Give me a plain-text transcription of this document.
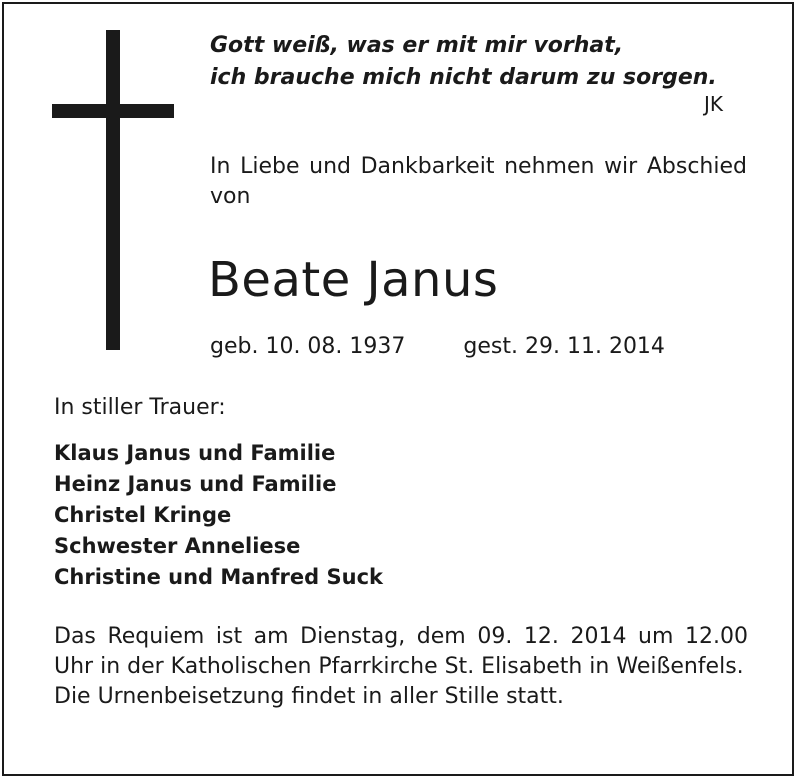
Gott weiß, was er mit mir vorhat,
ich brauche mich nicht darum zu sorgen.
JK
In Liebe und Dankbarkeit nehmen wir Abschied von
Beate Janus
geb. 10. 08. 1937	gest. 29. 11. 2014
In stiller Trauer:
Klaus Janus und Familie
Heinz Janus und Familie
Christel Kringe
Schwester Anneliese
Christine und Manfred Suck
Das Requiem ist am Dienstag, dem 09. 12. 2014 um 12.00 Uhr in der Katholischen Pfarrkirche St. Elisabeth in Weißenfels.
Die Urnenbeisetzung findet in aller Stille statt.
